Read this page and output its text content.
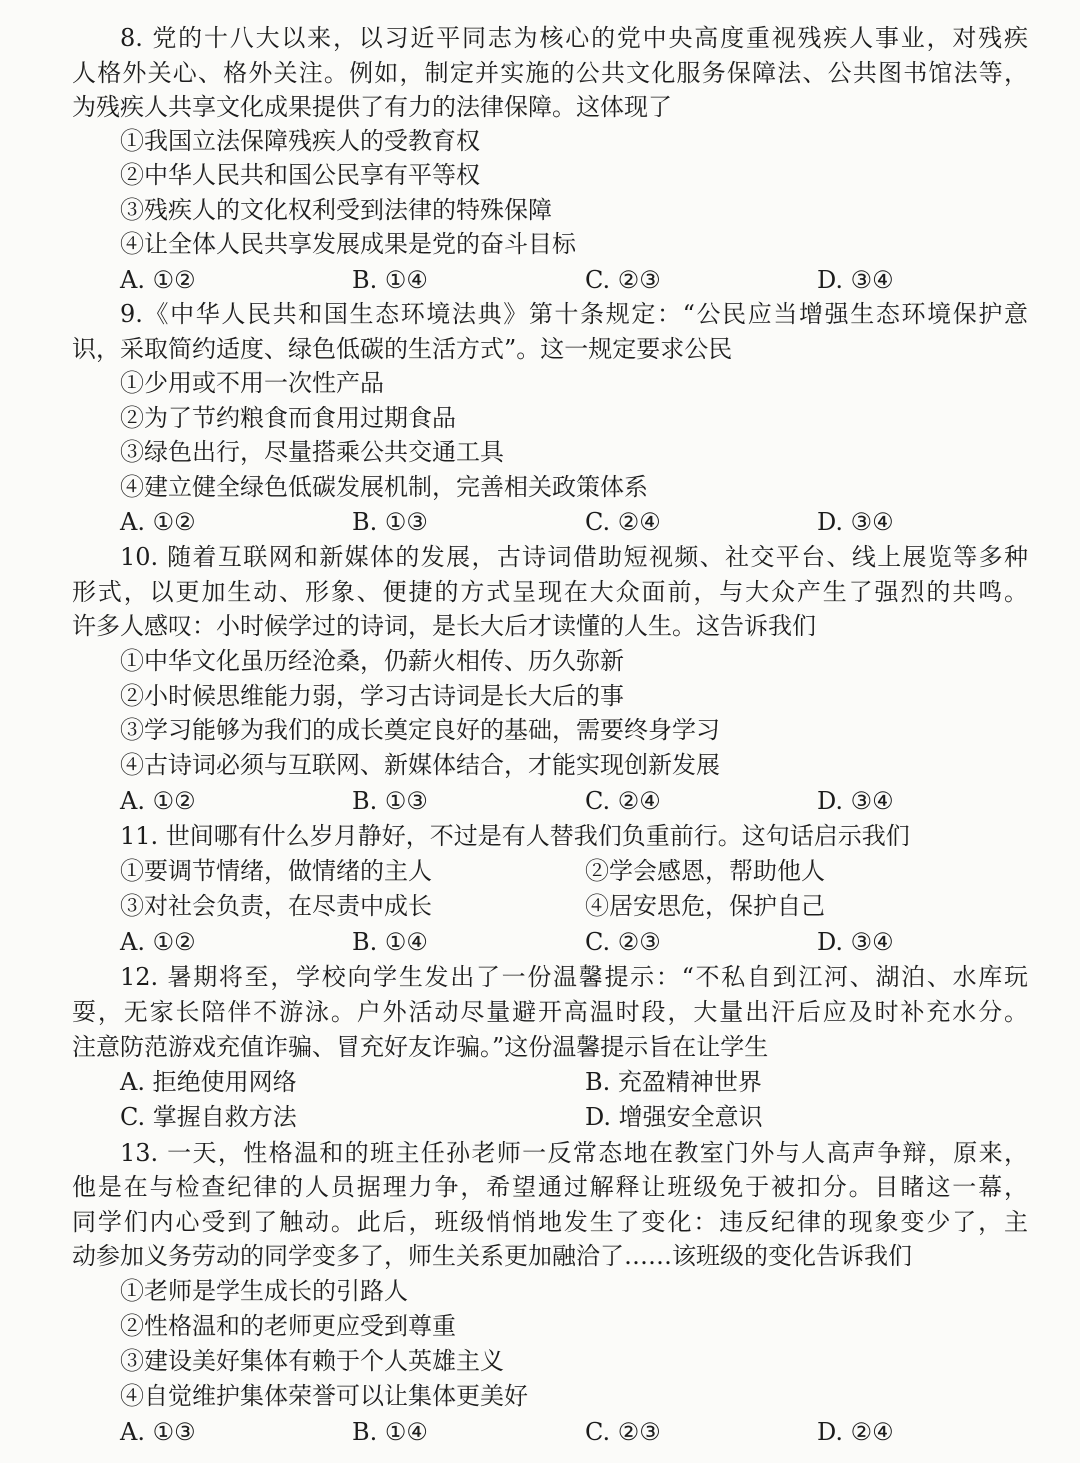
8. 党的十八大以来，以习近平同志为核心的党中央高度重视残疾人事业，对残疾
人格外关心、格外关注。例如，制定并实施的公共文化服务保障法、公共图书馆法等，
为残疾人共享文化成果提供了有力的法律保障。这体现了
①我国立法保障残疾人的受教育权
②中华人民共和国公民享有平等权
③残疾人的文化权利受到法律的特殊保障
④让全体人民共享发展成果是党的奋斗目标
A. ①②	B. ①④	C. ②③	D. ③④
9.《中华人民共和国生态环境法典》第十条规定：“公民应当增强生态环境保护意
识，采取简约适度、绿色低碳的生活方式”。这一规定要求公民
①少用或不用一次性产品
②为了节约粮食而食用过期食品
③绿色出行，尽量搭乘公共交通工具
④建立健全绿色低碳发展机制，完善相关政策体系
A. ①②	B. ①③	C. ②④	D. ③④
10. 随着互联网和新媒体的发展，古诗词借助短视频、社交平台、线上展览等多种
形式，以更加生动、形象、便捷的方式呈现在大众面前，与大众产生了强烈的共鸣。
许多人感叹：小时候学过的诗词，是长大后才读懂的人生。这告诉我们
①中华文化虽历经沧桑，仍薪火相传、历久弥新
②小时候思维能力弱，学习古诗词是长大后的事
③学习能够为我们的成长奠定良好的基础，需要终身学习
④古诗词必须与互联网、新媒体结合，才能实现创新发展
A. ①②	B. ①③	C. ②④	D. ③④
11. 世间哪有什么岁月静好，不过是有人替我们负重前行。这句话启示我们
①要调节情绪，做情绪的主人	②学会感恩，帮助他人
③对社会负责，在尽责中成长	④居安思危，保护自己
A. ①②	B. ①④	C. ②③	D. ③④
12. 暑期将至，学校向学生发出了一份温馨提示：“不私自到江河、湖泊、水库玩
耍，无家长陪伴不游泳。户外活动尽量避开高温时段，大量出汗后应及时补充水分。
注意防范游戏充值诈骗、冒充好友诈骗。”这份温馨提示旨在让学生
A. 拒绝使用网络	B. 充盈精神世界
C. 掌握自救方法	D. 增强安全意识
13. 一天，性格温和的班主任孙老师一反常态地在教室门外与人高声争辩，原来，
他是在与检查纪律的人员据理力争，希望通过解释让班级免于被扣分。目睹这一幕，
同学们内心受到了触动。此后，班级悄悄地发生了变化：违反纪律的现象变少了，主
动参加义务劳动的同学变多了，师生关系更加融洽了……该班级的变化告诉我们
①老师是学生成长的引路人
②性格温和的老师更应受到尊重
③建设美好集体有赖于个人英雄主义
④自觉维护集体荣誉可以让集体更美好
A. ①③	B. ①④	C. ②③	D. ②④
